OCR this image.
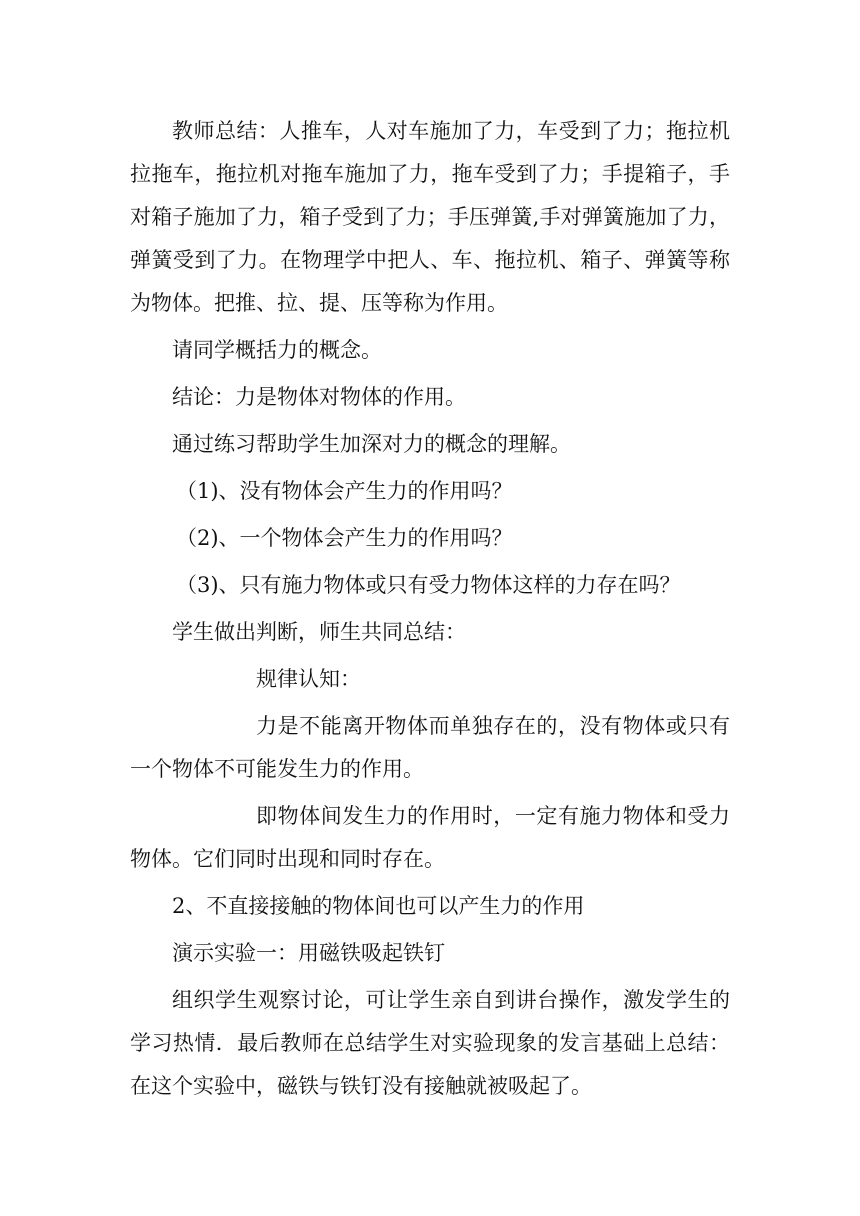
教师总结：人推车，人对车施加了力，车受到了力；拖拉机拉拖车，拖拉机对拖车施加了力，拖车受到了力；手提箱子，手对箱子施加了力，箱子受到了力；手压弹簧,手对弹簧施加了力，弹簧受到了力。在物理学中把人、车、拖拉机、箱子、弹簧等称为物体。把推、拉、提、压等称为作用。

请同学概括力的概念。

结论：力是物体对物体的作用。

通过练习帮助学生加深对力的概念的理解。

（1)、没有物体会产生力的作用吗？

（2)、一个物体会产生力的作用吗？

（3)、只有施力物体或只有受力物体这样的力存在吗？

学生做出判断，师生共同总结：

规律认知：

力是不能离开物体而单独存在的，没有物体或只有一个物体不可能发生力的作用。

即物体间发生力的作用时，一定有施力物体和受力物体。它们同时出现和同时存在。

2、不直接接触的物体间也可以产生力的作用

演示实验一：用磁铁吸起铁钉

组织学生观察讨论，可让学生亲自到讲台操作，激发学生的学习热情．最后教师在总结学生对实验现象的发言基础上总结：在这个实验中，磁铁与铁钉没有接触就被吸起了。
